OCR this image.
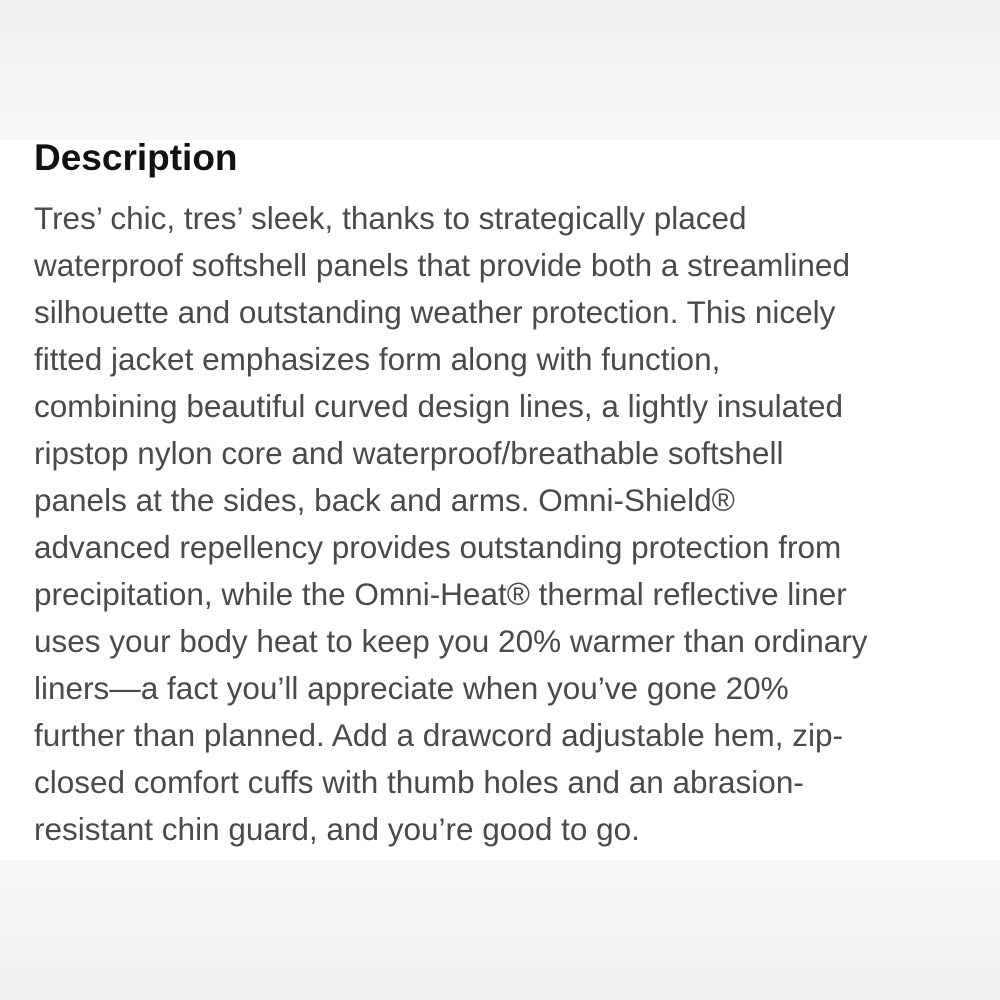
Description
Tres’ chic, tres’ sleek, thanks to strategically placed
waterproof softshell panels that provide both a streamlined
silhouette and outstanding weather protection. This nicely
fitted jacket emphasizes form along with function,
combining beautiful curved design lines, a lightly insulated
ripstop nylon core and waterproof/breathable softshell
panels at the sides, back and arms. Omni-Shield®
advanced repellency provides outstanding protection from
precipitation, while the Omni-Heat® thermal reflective liner
uses your body heat to keep you 20% warmer than ordinary
liners—a fact you’ll appreciate when you’ve gone 20%
further than planned. Add a drawcord adjustable hem, zip-
closed comfort cuffs with thumb holes and an abrasion-
resistant chin guard, and you’re good to go.
